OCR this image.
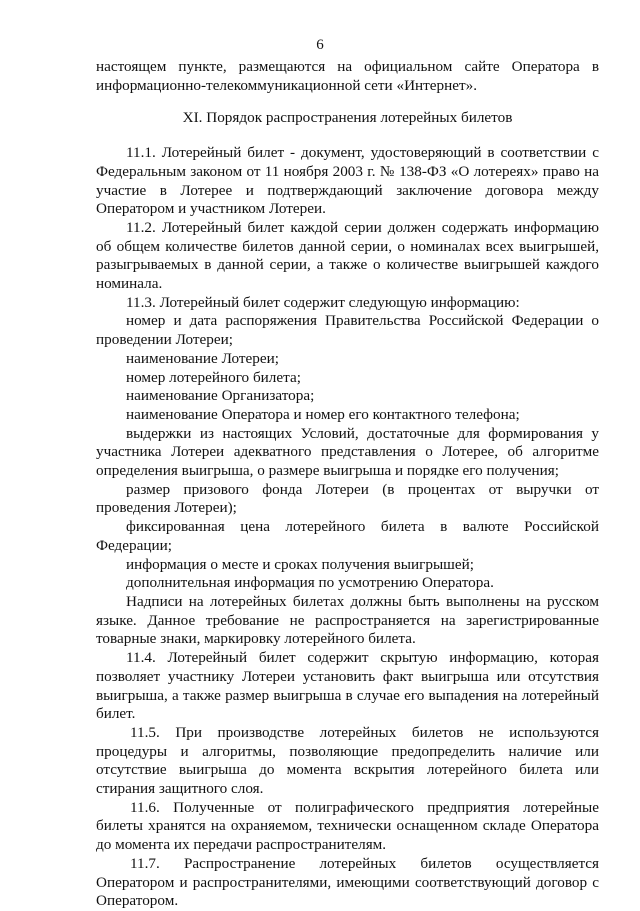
6

настоящем пункте, размещаются на официальном сайте Оператора в информационно-телекоммуникационной сети «Интернет».

XI. Порядок распространения лотерейных билетов

11.1. Лотерейный билет - документ, удостоверяющий в соответствии с Федеральным законом от 11 ноября 2003 г. № 138-ФЗ «О лотереях» право на участие в Лотерее и подтверждающий заключение договора между Оператором и участником Лотереи.

11.2. Лотерейный билет каждой серии должен содержать информацию об общем количестве билетов данной серии, о номиналах всех выигрышей, разыгрываемых в данной серии, а также о количестве выигрышей каждого номинала.

11.3. Лотерейный билет содержит следующую информацию:

номер и дата распоряжения Правительства Российской Федерации о проведении Лотереи;

наименование Лотереи;

номер лотерейного билета;

наименование Организатора;

наименование Оператора и номер его контактного телефона;

выдержки из настоящих Условий, достаточные для формирования у участника Лотереи адекватного представления о Лотерее, об алгоритме определения выигрыша, о размере выигрыша и порядке его получения;

размер призового фонда Лотереи (в процентах от выручки от проведения Лотереи);

фиксированная цена лотерейного билета в валюте Российской Федерации;

информация о месте и сроках получения выигрышей;

дополнительная информация по усмотрению Оператора.

Надписи на лотерейных билетах должны быть выполнены на русском языке. Данное требование не распространяется на зарегистрированные товарные знаки, маркировку лотерейного билета.

11.4. Лотерейный билет содержит скрытую информацию, которая позволяет участнику Лотереи установить факт выигрыша или отсутствия выигрыша, а также размер выигрыша в случае его выпадения на лотерейный билет.

11.5. При производстве лотерейных билетов не используются процедуры и алгоритмы, позволяющие предопределить наличие или отсутствие выигрыша до момента вскрытия лотерейного билета или стирания защитного слоя.

11.6. Полученные от полиграфического предприятия лотерейные билеты хранятся на охраняемом, технически оснащенном складе Оператора до момента их передачи распространителям.

11.7. Распространение лотерейных билетов осуществляется Оператором и распространителями, имеющими соответствующий договор с Оператором.
